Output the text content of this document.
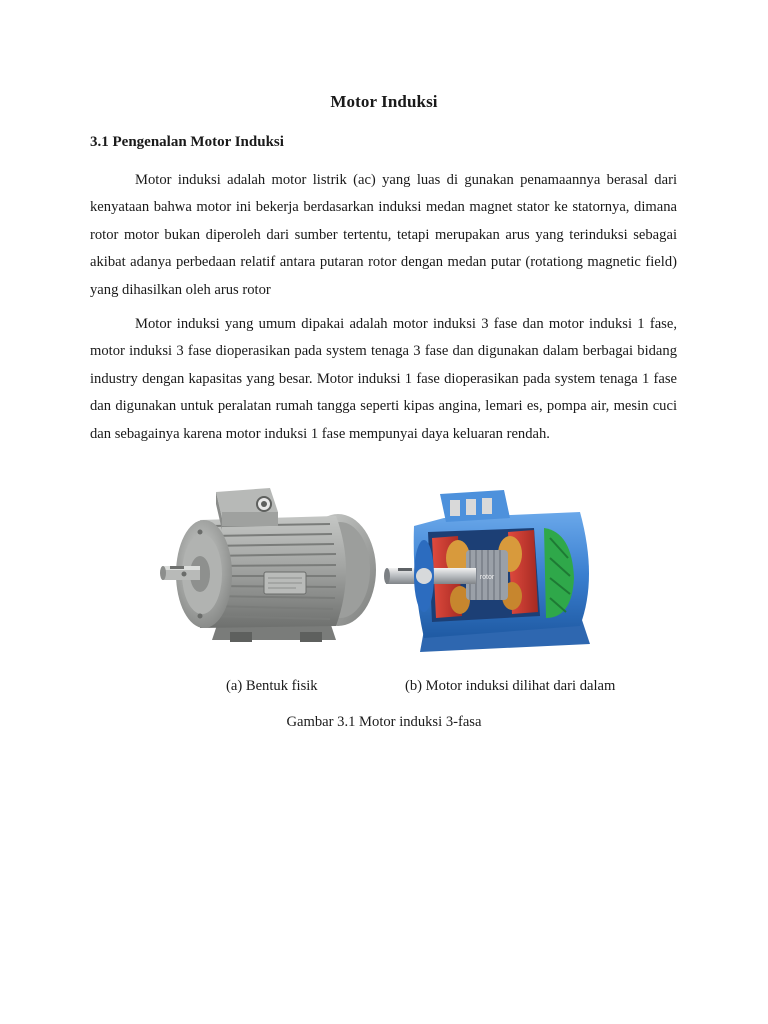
Motor Induksi
3.1 Pengenalan Motor Induksi

Motor induksi adalah motor listrik (ac) yang luas di gunakan penamaannya berasal dari kenyataan bahwa motor ini bekerja berdasarkan induksi medan magnet stator ke statornya, dimana rotor motor bukan diperoleh dari sumber tertentu, tetapi merupakan arus yang terinduksi sebagai akibat adanya perbedaan relatif antara putaran rotor dengan medan putar (rotationg magnetic field) yang dihasilkan oleh arus rotor

Motor induksi yang umum dipakai adalah motor induksi 3 fase dan motor induksi 1 fase, motor induksi 3 fase dioperasikan pada system tenaga 3 fase dan digunakan dalam berbagai bidang industry dengan kapasitas yang besar. Motor induksi 1 fase dioperasikan pada system tenaga 1 fase dan digunakan untuk peralatan rumah tangga seperti kipas angina, lemari es, pompa air, mesin cuci dan sebagainya karena motor induksi 1 fase mempunyai daya keluaran rendah.

rotor
(a) Bentuk fisik	(b) Motor induksi dilihat dari dalam
Gambar 3.1 Motor induksi 3-fasa
